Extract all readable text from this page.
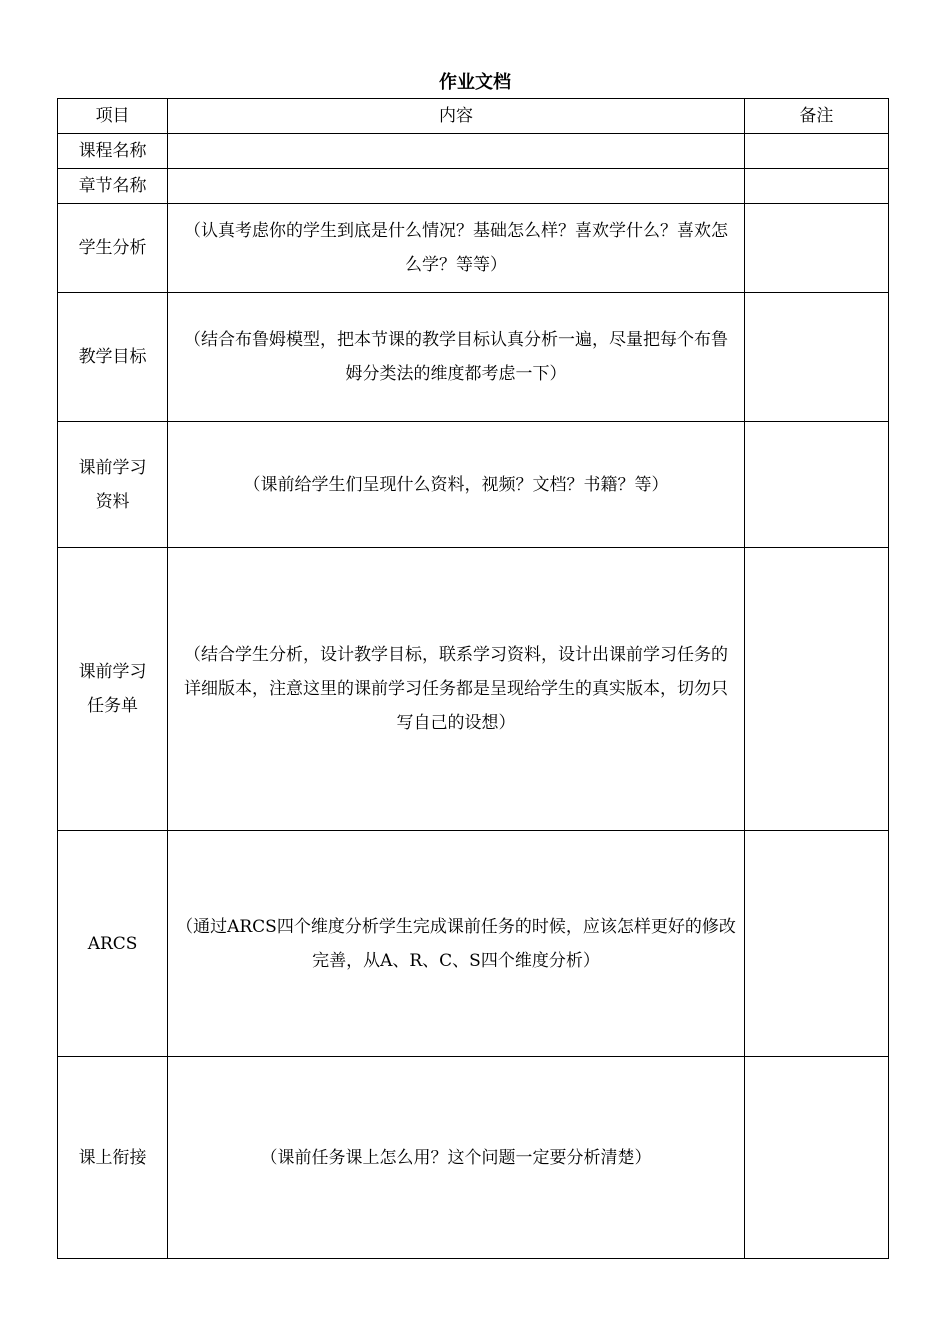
作业文档
项目	内容	备注
课程名称		
章节名称		
学生分析	（认真考虑你的学生到底是什么情况？基础怎么样？喜欢学什么？喜欢怎么学？等等）	
教学目标	（结合布鲁姆模型，把本节课的教学目标认真分析一遍，尽量把每个布鲁姆分类法的维度都考虑一下）	
课前学习资料	（课前给学生们呈现什么资料，视频？文档？书籍？等）	
课前学习任务单	（结合学生分析，设计教学目标，联系学习资料，设计出课前学习任务的详细版本，注意这里的课前学习任务都是呈现给学生的真实版本，切勿只写自己的设想）	
ARCS	（通过ARCS四个维度分析学生完成课前任务的时候，应该怎样更好的修改完善，从A、R、C、S四个维度分析）	
课上衔接	（课前任务课上怎么用？这个问题一定要分析清楚）	
